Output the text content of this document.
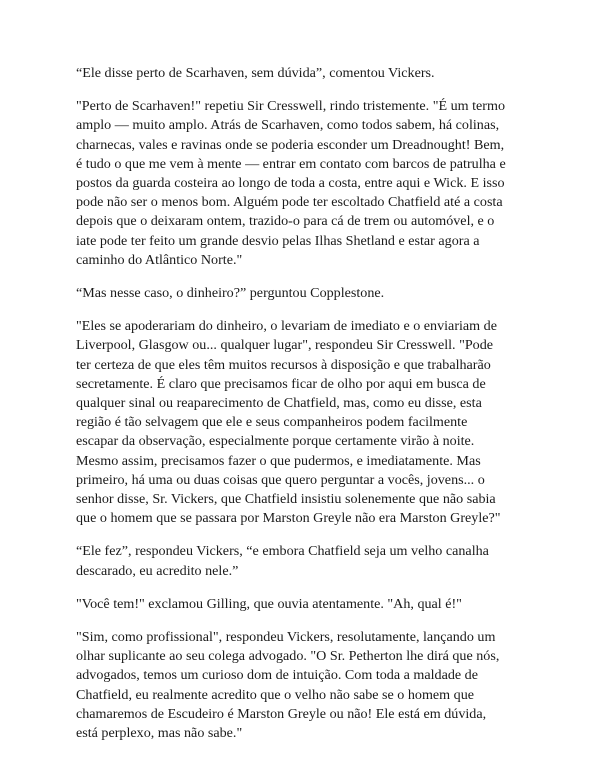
“Ele disse perto de Scarhaven, sem dúvida”, comentou Vickers.

"Perto de Scarhaven!" repetiu Sir Cresswell, rindo tristemente. "É um termo
amplo — muito amplo. Atrás de Scarhaven, como todos sabem, há colinas,
charnecas, vales e ravinas onde se poderia esconder um Dreadnought! Bem,
é tudo o que me vem à mente — entrar em contato com barcos de patrulha e
postos da guarda costeira ao longo de toda a costa, entre aqui e Wick. E isso
pode não ser o menos bom. Alguém pode ter escoltado Chatfield até a costa
depois que o deixaram ontem, trazido-o para cá de trem ou automóvel, e o
iate pode ter feito um grande desvio pelas Ilhas Shetland e estar agora a
caminho do Atlântico Norte."

“Mas nesse caso, o dinheiro?” perguntou Copplestone.

"Eles se apoderariam do dinheiro, o levariam de imediato e o enviariam de
Liverpool, Glasgow ou... qualquer lugar", respondeu Sir Cresswell. "Pode
ter certeza de que eles têm muitos recursos à disposição e que trabalharão
secretamente. É claro que precisamos ficar de olho por aqui em busca de
qualquer sinal ou reaparecimento de Chatfield, mas, como eu disse, esta
região é tão selvagem que ele e seus companheiros podem facilmente
escapar da observação, especialmente porque certamente virão à noite.
Mesmo assim, precisamos fazer o que pudermos, e imediatamente. Mas
primeiro, há uma ou duas coisas que quero perguntar a vocês, jovens... o
senhor disse, Sr. Vickers, que Chatfield insistiu solenemente que não sabia
que o homem que se passara por Marston Greyle não era Marston Greyle?"

“Ele fez”, respondeu Vickers, “e embora Chatfield seja um velho canalha
descarado, eu acredito nele.”

"Você tem!" exclamou Gilling, que ouvia atentamente. "Ah, qual é!"

"Sim, como profissional", respondeu Vickers, resolutamente, lançando um
olhar suplicante ao seu colega advogado. "O Sr. Petherton lhe dirá que nós,
advogados, temos um curioso dom de intuição. Com toda a maldade de
Chatfield, eu realmente acredito que o velho não sabe se o homem que
chamaremos de Escudeiro é Marston Greyle ou não! Ele está em dúvida,
está perplexo, mas não sabe."
